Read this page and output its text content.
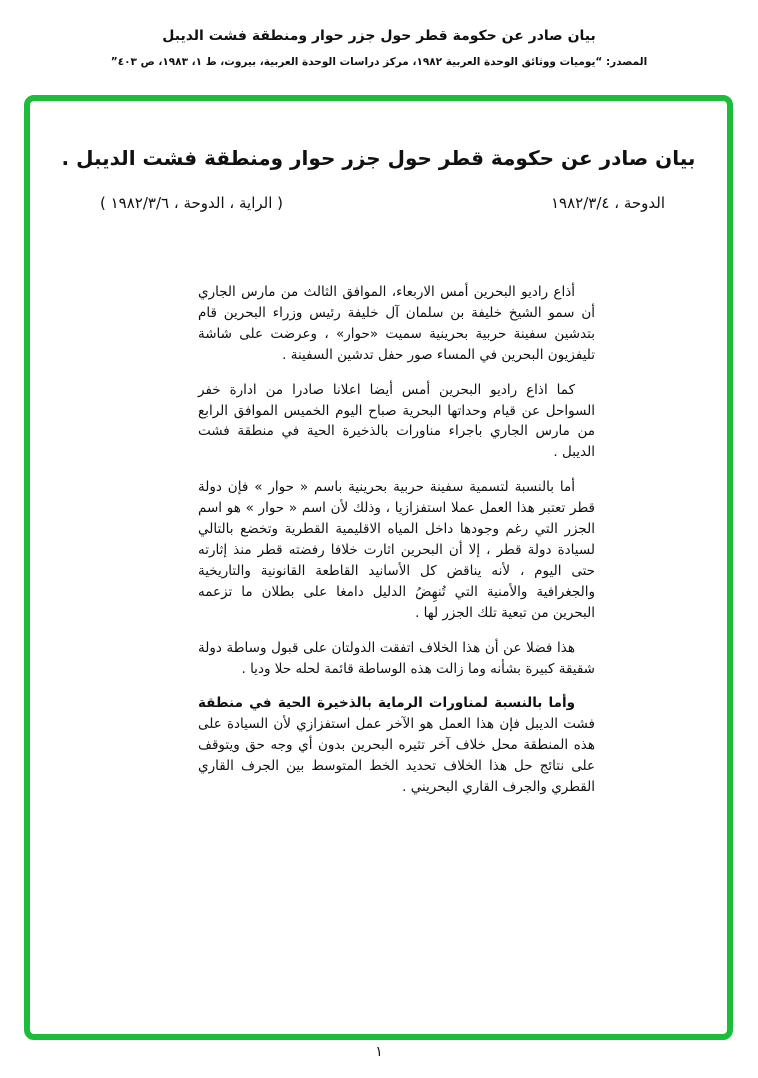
بيان صادر عن حكومة قطر حول جزر حوار ومنطقة فشت الديبل
المصدر: “يوميات ووثائق الوحدة العربية ١٩٨٢، مركز دراسات الوحدة العربية، بيروت، ط ١، ١٩٨٣، ص ٤٠٣”
بيان صادر عن حكومة قطر حول جزر حوار ومنطقة فشت الديبل .
الدوحة ، ١٩٨٢/٣/٤
( الراية ، الدوحة ، ١٩٨٢/٣/٦ )

أذاع راديو البحرين أمس الاربعاء، الموافق الثالث من مارس الجاري أن سمو الشيخ خليفة بن سلمان آل خليفة رئيس وزراء البحرين قام بتدشين سفينة حربية بحرينية سميت «حوار» ، وعرضت على شاشة تليفزيون البحرين في المساء صور حفل تدشين السفينة .

كما اذاع راديو البحرين أمس أيضا اعلانا صادرا من ادارة خفر السواحل عن قيام وحداتها البحرية صباح اليوم الخميس الموافق الرابع من مارس الجاري باجراء مناورات بالذخيرة الحية في منطقة فشت الديبل .

أما بالنسبة لتسمية سفينة حربية بحرينية باسم « حوار » فإن دولة قطر تعتبر هذا العمل عملا استفزازيا ، وذلك لأن اسم « حوار » هو اسم الجزر التي رغم وجودها داخل المياه الاقليمية القطرية وتخضع بالتالي لسيادة دولة قطر ، إلا أن البحرين اثارت خلافا رفضته قطر منذ إثارته حتى اليوم ، لأنه يناقض كل الأسانيد القاطعة القانونية والتاريخية والجغرافية والأمنية التي تُنهِضُ الدليل دامغا على بطلان ما تزعمه البحرين من تبعية تلك الجزر لها .

هذا فضلا عن أن هذا الخلاف اتفقت الدولتان على قبول وساطة دولة شقيقة كبيرة بشأنه وما زالت هذه الوساطة قائمة لحله حلا وديا .

وأما بالنسبة لمناورات الرماية بالذخيرة الحية في منطقة فشت الديبل فإن هذا العمل هو الآخر عمل استفزازي لأن السيادة على هذه المنطقة محل خلاف آخر تثيره البحرين بدون أي وجه حق ويتوقف على نتائج حل هذا الخلاف تحديد الخط المتوسط بين الجرف القاري القطري والجرف القاري البحريني .

١
